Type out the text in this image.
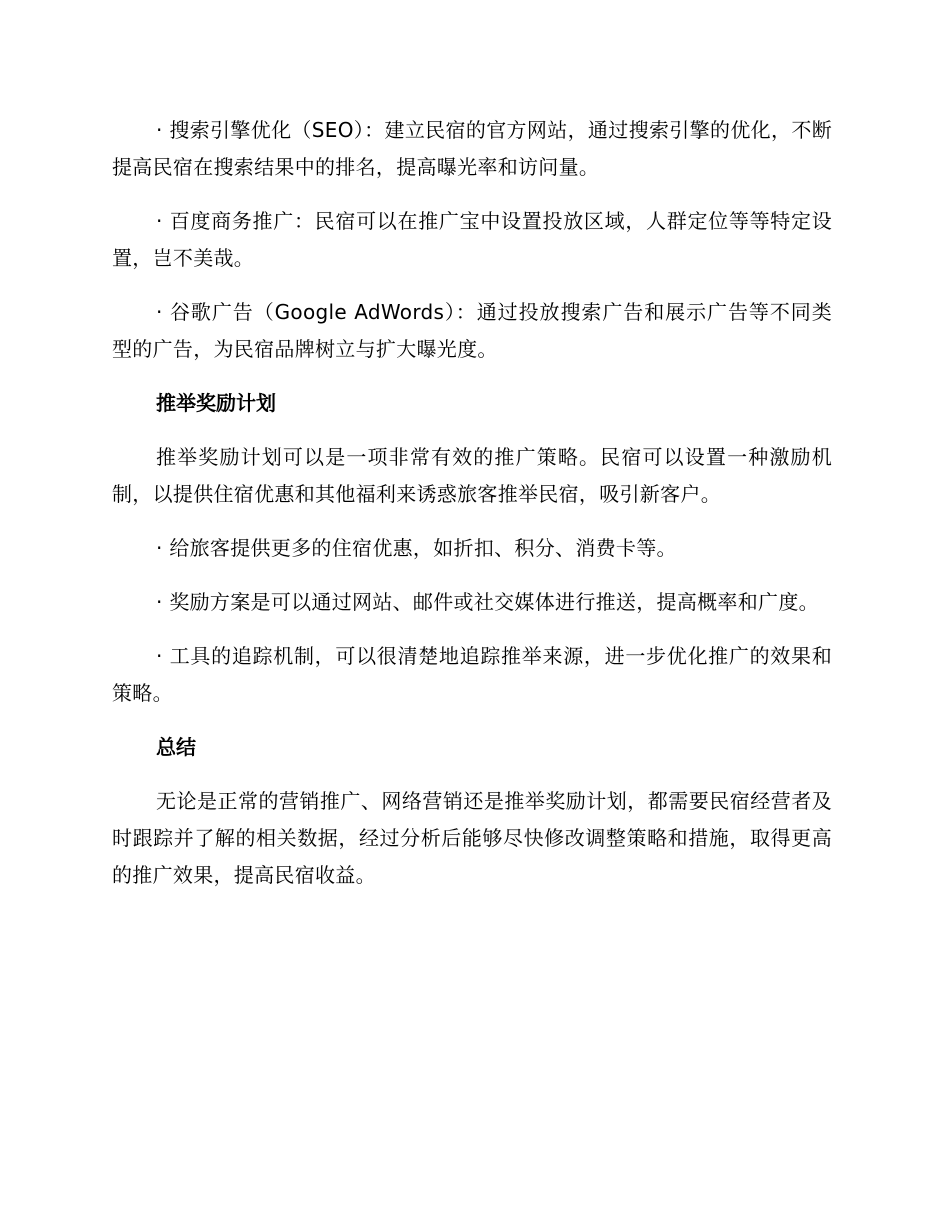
· 搜索引擎优化（SEO）：建立民宿的官方网站，通过搜索引擎的优化，不断提高民宿在搜索结果中的排名，提高曝光率和访问量。

· 百度商务推广：民宿可以在推广宝中设置投放区域，人群定位等等特定设置，岂不美哉。

· 谷歌广告（Google AdWords）：通过投放搜索广告和展示广告等不同类型的广告，为民宿品牌树立与扩大曝光度。

推举奖励计划

推举奖励计划可以是一项非常有效的推广策略。民宿可以设置一种激励机制，以提供住宿优惠和其他福利来诱惑旅客推举民宿，吸引新客户。

· 给旅客提供更多的住宿优惠，如折扣、积分、消费卡等。

· 奖励方案是可以通过网站、邮件或社交媒体进行推送，提高概率和广度。

· 工具的追踪机制，可以很清楚地追踪推举来源，进一步优化推广的效果和策略。

总结

无论是正常的营销推广、网络营销还是推举奖励计划，都需要民宿经营者及时跟踪并了解的相关数据，经过分析后能够尽快修改调整策略和措施，取得更高的推广效果，提高民宿收益。
